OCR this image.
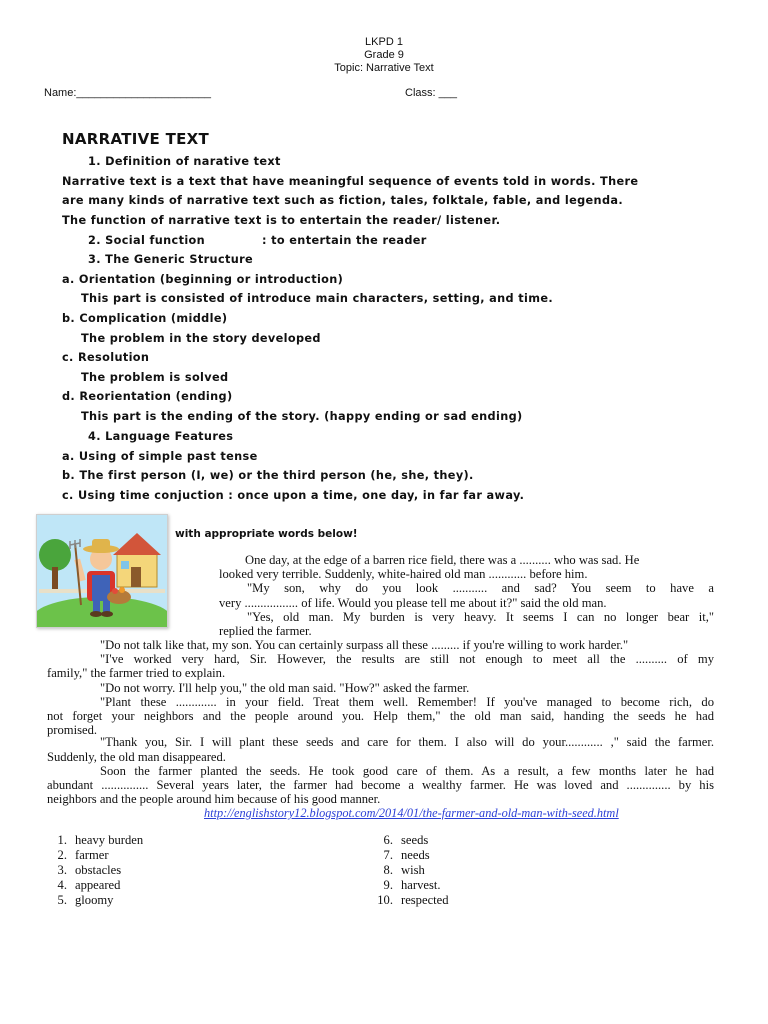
LKPD 1
Grade 9
Topic: Narrative Text
Name:______________________	Class: ___
NARRATIVE TEXT
1. Definition of narative text
Narrative text is a text that have meaningful sequence of events told in words. There
are many kinds of narrative text such as fiction, tales, folktale, fable, and legenda.
The function of narrative text is to entertain the reader/ listener.
2. Social function	: to entertain the reader
3. The Generic Structure
a. Orientation (beginning or introduction)
This part is consisted of introduce main characters, setting, and time.
b. Complication (middle)
The problem in the story developed
c. Resolution
The problem is solved
d. Reorientation (ending)
This part is the ending of the story. (happy ending or sad ending)
4. Language Features
a. Using of simple past tense
b. The first person (I, we) or the third person (he, she, they).
c. Using time conjuction : once upon a time, one day, in far far away.
with appropriate words below!
One day, at the edge of a barren rice field, there was a .......... who was sad. He
looked very terrible. Suddenly, white-haired old man ............ before him.
"My son, why do you look ........... and sad? You seem to have a
very ................. of life. Would you please tell me about it?" said the old man.
"Yes, old man. My burden is very heavy. It seems I can no longer bear it,"
replied the farmer.
"Do not talk like that, my son. You can certainly surpass all these ......... if you're willing to work harder."
"I've worked very hard, Sir. However, the results are still not enough to meet all the .......... of my
family," the farmer tried to explain.
"Do not worry. I'll help you," the old man said. "How?" asked the farmer.
"Plant these ............. in your field. Treat them well. Remember! If you've managed to become rich, do
not forget your neighbors and the people around you. Help them," the old man said, handing the seeds he had
promised.
"Thank you, Sir. I will plant these seeds and care for them. I also will do your............ ," said the farmer.
Suddenly, the old man disappeared.
Soon the farmer planted the seeds. He took good care of them. As a result, a few months later he had
abundant ............... Several years later, the farmer had become a wealthy farmer. He was loved and .............. by his
neighbors and the people around him because of his good manner.
http://englishstory12.blogspot.com/2014/01/the-farmer-and-old-man-with-seed.html
1. heavy burden
2. farmer
3. obstacles
4. appeared
5. gloomy
6. seeds
7. needs
8. wish
9. harvest.
10. respected
